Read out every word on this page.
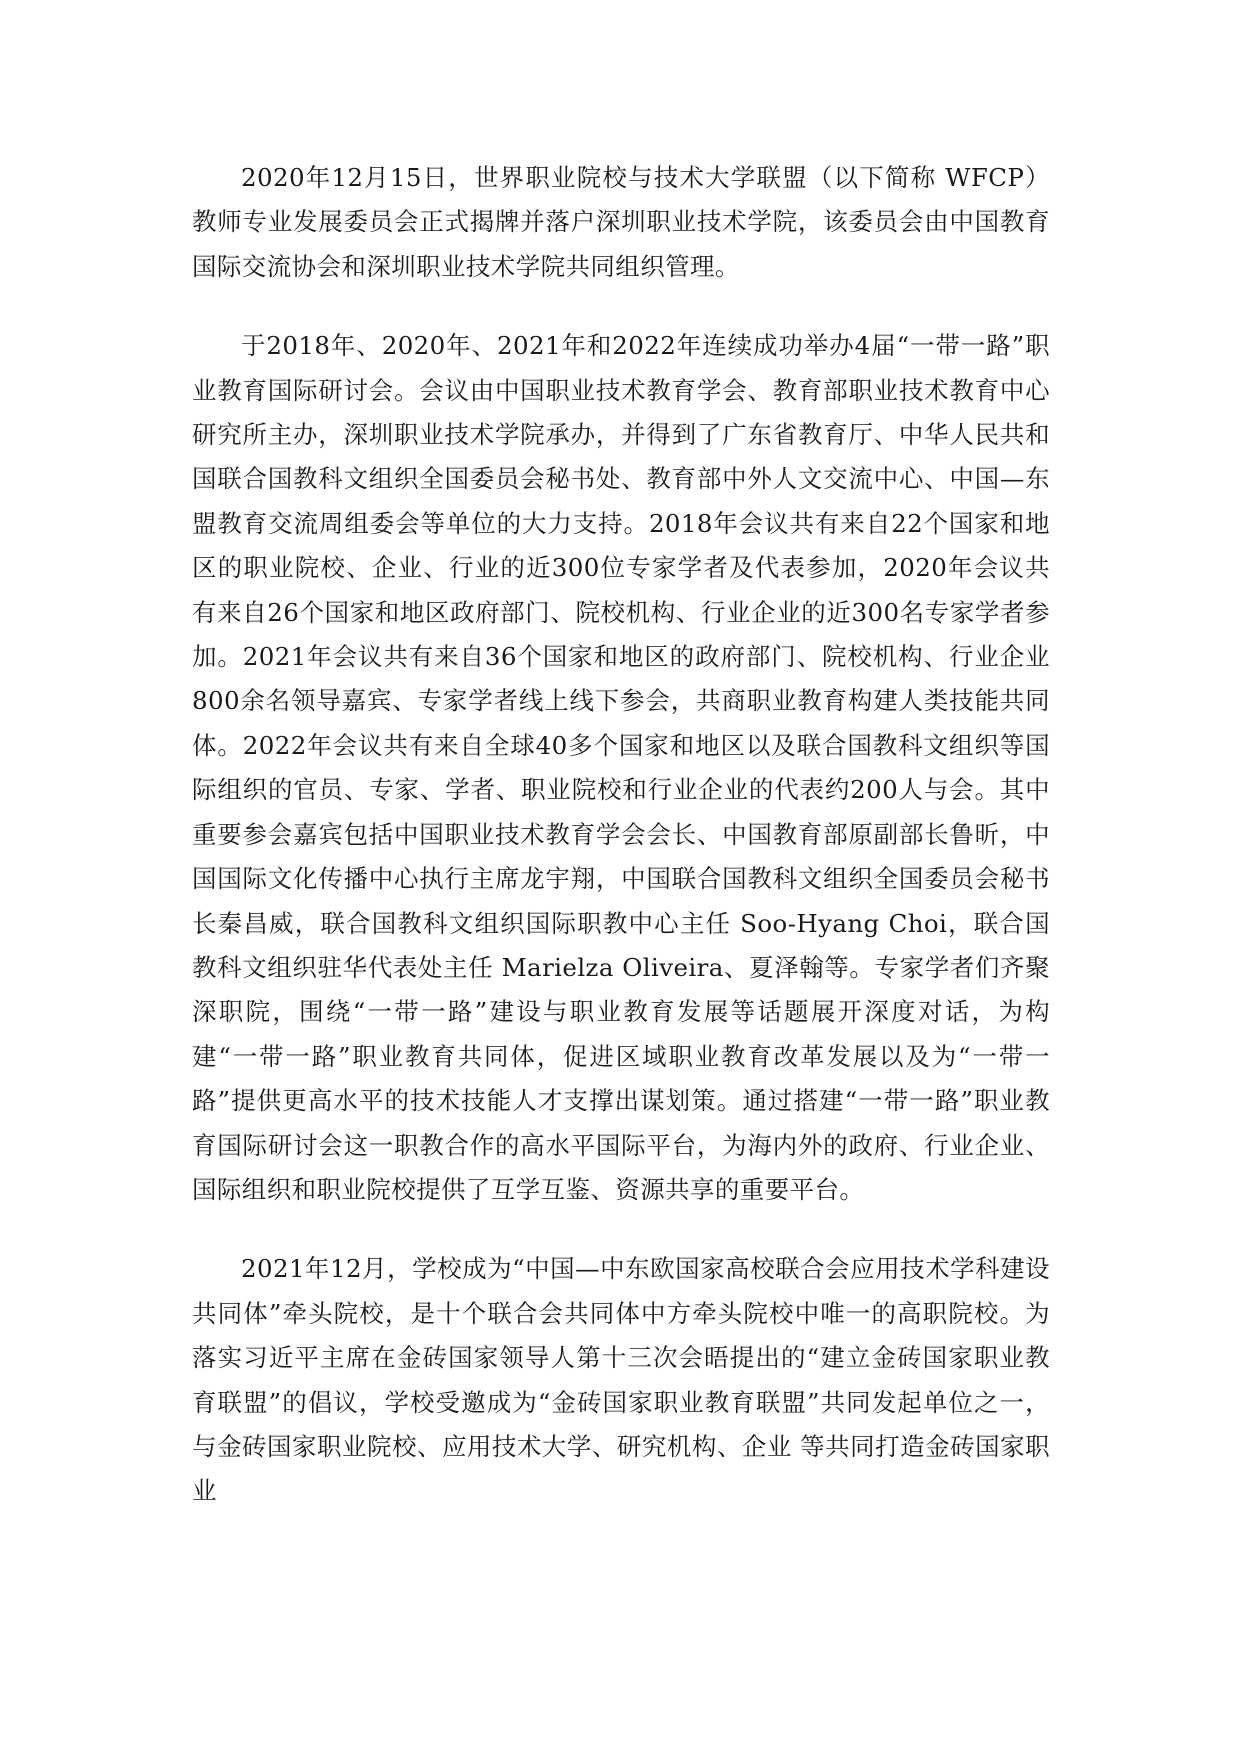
2020年12月15日，世界职业院校与技术大学联盟（以下简称 WFCP）教师专业发展委员会正式揭牌并落户深圳职业技术学院，该委员会由中国教育国际交流协会和深圳职业技术学院共同组织管理。

于2018年、2020年、2021年和2022年连续成功举办4届“一带一路”职业教育国际研讨会。会议由中国职业技术教育学会、教育部职业技术教育中心研究所主办，深圳职业技术学院承办，并得到了广东省教育厅、中华人民共和国联合国教科文组织全国委员会秘书处、教育部中外人文交流中心、中国—东盟教育交流周组委会等单位的大力支持。2018年会议共有来自22个国家和地区的职业院校、企业、行业的近300位专家学者及代表参加，2020年会议共有来自26个国家和地区政府部门、院校机构、行业企业的近300名专家学者参加。2021年会议共有来自36个国家和地区的政府部门、院校机构、行业企业800余名领导嘉宾、专家学者线上线下参会，共商职业教育构建人类技能共同体。2022年会议共有来自全球40多个国家和地区以及联合国教科文组织等国际组织的官员、专家、学者、职业院校和行业企业的代表约200人与会。其中重要参会嘉宾包括中国职业技术教育学会会长、中国教育部原副部长鲁昕，中国国际文化传播中心执行主席龙宇翔，中国联合国教科文组织全国委员会秘书长秦昌威，联合国教科文组织国际职教中心主任 Soo-Hyang Choi，联合国教科文组织驻华代表处主任 Marielza Oliveira、夏泽翰等。专家学者们齐聚深职院，围绕“一带一路”建设与职业教育发展等话题展开深度对话，为构建“一带一路”职业教育共同体，促进区域职业教育改革发展以及为“一带一路”提供更高水平的技术技能人才支撑出谋划策。通过搭建“一带一路”职业教育国际研讨会这一职教合作的高水平国际平台，为海内外的政府、行业企业、国际组织和职业院校提供了互学互鉴、资源共享的重要平台。

2021年12月，学校成为“中国—中东欧国家高校联合会应用技术学科建设共同体”牵头院校，是十个联合会共同体中方牵头院校中唯一的高职院校。为落实习近平主席在金砖国家领导人第十三次会晤提出的“建立金砖国家职业教育联盟”的倡议，学校受邀成为“金砖国家职业教育联盟”共同发起单位之一，与金砖国家职业院校、应用技术大学、研究机构、企业 等共同打造金砖国家职业
